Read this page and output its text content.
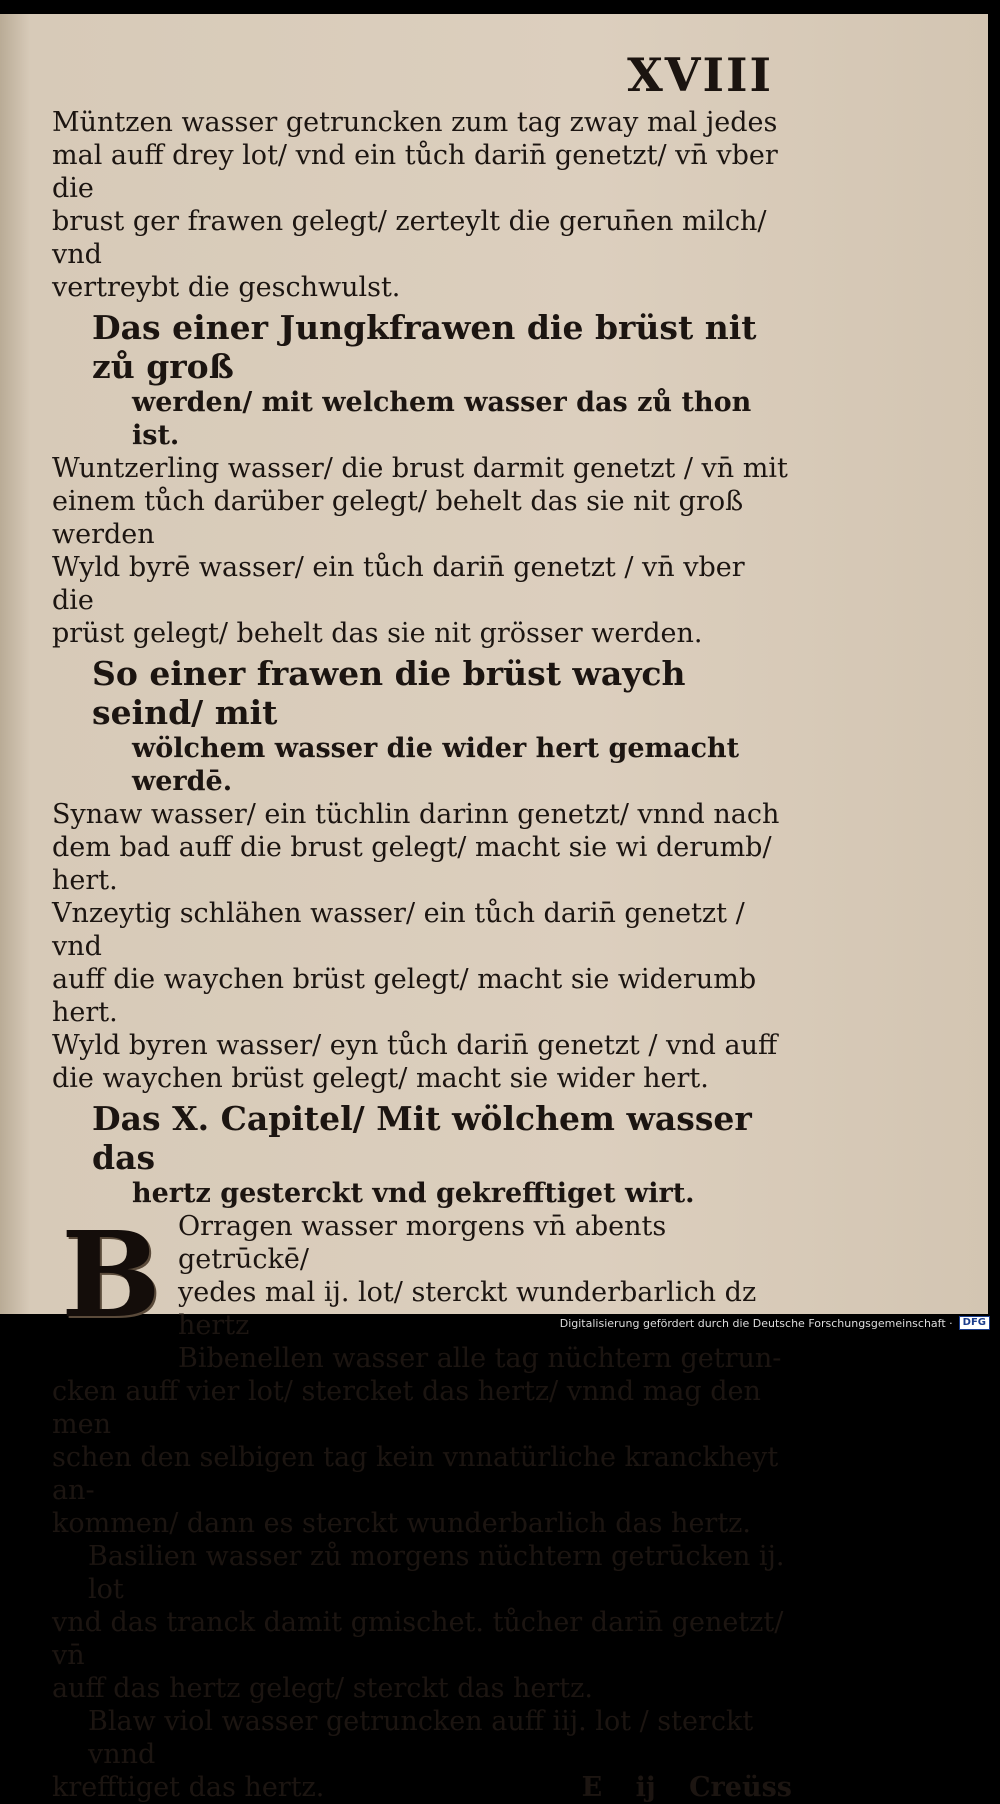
XVIII

Müntzen wasser getruncken zum tag zway mal jedes

mal auff drey lot/ vnd ein tůch darin̄ genetzt/ vn̄ vber die

brust ger frawen gelegt/ zerteylt die gerun̄en milch/ vnd

vertreybt die geschwulst.

Das einer Jungkfrawen die brüst nit zů groß

werden/ mit welchem wasser das zů thon ist.

Wuntzerling wasser/ die brust darmit genetzt / vn̄ mit

einem tůch darüber gelegt/ behelt das sie nit groß werden

Wyld byrē wasser/ ein tůch darin̄ genetzt / vn̄ vber die

prüst gelegt/ behelt das sie nit grösser werden.

So einer frawen die brüst waych seind/ mit

wölchem wasser die wider hert gemacht werdē.

Synaw wasser/ ein tüchlin darinn genetzt/ vnnd nach

dem bad auff die brust gelegt/ macht sie wi derumb/ hert.

Vnzeytig schlähen wasser/ ein tůch darin̄ genetzt / vnd

auff die waychen brüst gelegt/ macht sie widerumb hert.

Wyld byren wasser/ eyn tůch darin̄ genetzt / vnd auff

die waychen brüst gelegt/ macht sie wider hert.

Das X. Capitel/ Mit wölchem wasser das

hertz gesterckt vnd gekrefftiget wirt.

B Orragen wasser morgens vn̄ abents getrūckē/

yedes mal ij. lot/ sterckt wunderbarlich dz hertz

Bibenellen wasser alle tag nüchtern getrun-

cken auff vier lot/ stercket das hertz/ vnnd mag den men

schen den selbigen tag kein vnnatürliche kranckheyt an-

kommen/ dann es sterckt wunderbarlich das hertz.

Basilien wasser zů morgens nüchtern getrūcken ij. lot

vnd das tranck damit gmischet. tůcher darin̄ genetzt/ vn̄

auff das hertz gelegt/ sterckt das hertz.

Blaw viol wasser getruncken auff iij. lot / sterckt vnnd

krefftiget das hertz.	E ij Creüss
Digitalisierung gefördert durch die Deutsche Forschungsgemeinschaft ·	DFG
